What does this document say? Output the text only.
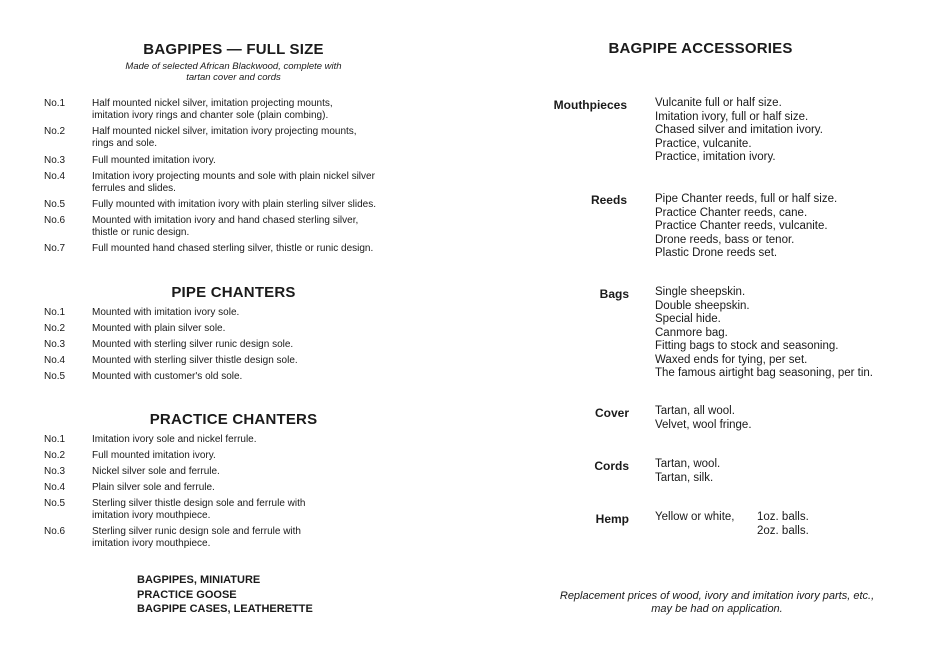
BAGPIPES — FULL SIZE
Made of selected African Blackwood, complete with
tartan cover and cords
No.1	Half mounted nickel silver, imitation projecting mounts,
imitation ivory rings and chanter sole (plain combing).
No.2	Half mounted nickel silver, imitation ivory projecting mounts,
rings and sole.
No.3	Full mounted imitation ivory.
No.4	Imitation ivory projecting mounts and sole with plain nickel silver
ferrules and slides.
No.5	Fully mounted with imitation ivory with plain sterling silver slides.
No.6	Mounted with imitation ivory and hand chased sterling silver,
thistle or runic design.
No.7	Full mounted hand chased sterling silver, thistle or runic design.
PIPE CHANTERS
No.1	Mounted with imitation ivory sole.
No.2	Mounted with plain silver sole.
No.3	Mounted with sterling silver runic design sole.
No.4	Mounted with sterling silver thistle design sole.
No.5	Mounted with customer's old sole.
PRACTICE CHANTERS
No.1	Imitation ivory sole and nickel ferrule.
No.2	Full mounted imitation ivory.
No.3	Nickel silver sole and ferrule.
No.4	Plain silver sole and ferrule.
No.5	Sterling silver thistle design sole and ferrule with
imitation ivory mouthpiece.
No.6	Sterling silver runic design sole and ferrule with
imitation ivory mouthpiece.
BAGPIPES, MINIATURE
PRACTICE GOOSE
BAGPIPE CASES, LEATHERETTE
BAGPIPE ACCESSORIES
Mouthpieces Vulcanite full or half size.
Imitation ivory, full or half size.
Chased silver and imitation ivory.
Practice, vulcanite.
Practice, imitation ivory.
Reeds Pipe Chanter reeds, full or half size.
Practice Chanter reeds, cane.
Practice Chanter reeds, vulcanite.
Drone reeds, bass or tenor.
Plastic Drone reeds set.
Bags Single sheepskin.
Double sheepskin.
Special hide.
Canmore bag.
Fitting bags to stock and seasoning.
Waxed ends for tying, per set.
The famous airtight bag seasoning, per tin.
Cover Tartan, all wool.
Velvet, wool fringe.
Cords Tartan, wool.
Tartan, silk.
Hemp Yellow or white, 1oz. balls.
2oz. balls.
Replacement prices of wood, ivory and imitation ivory parts, etc.,
may be had on application.
